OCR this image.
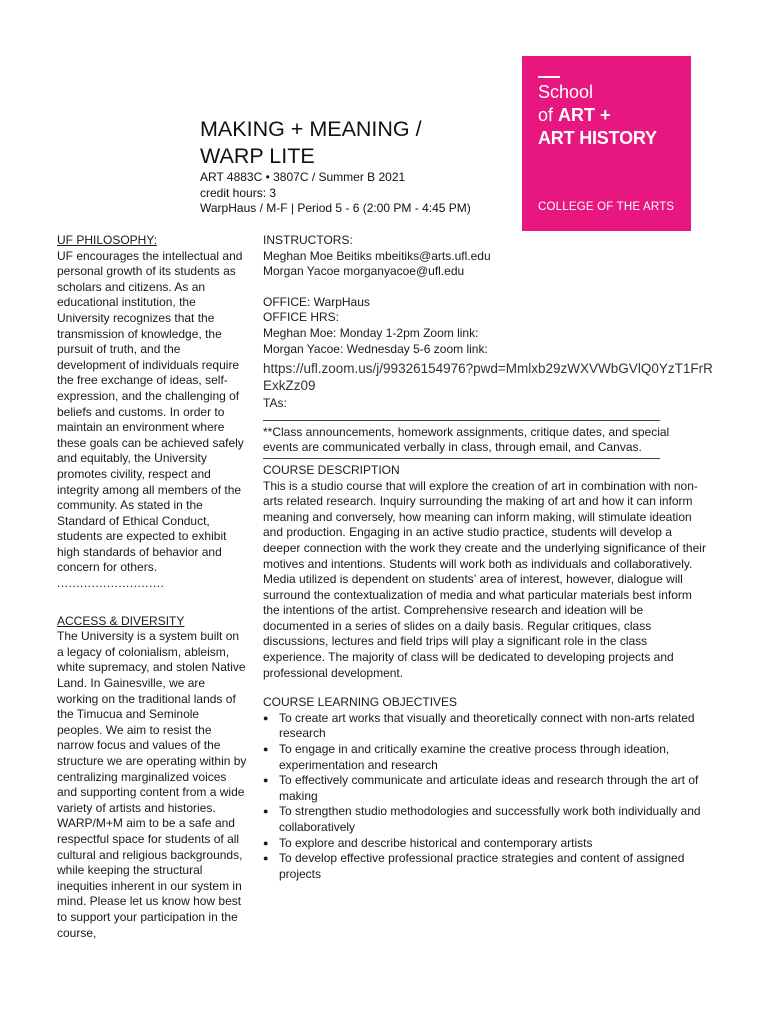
School
of ART +
ART HISTORY
COLLEGE OF THE ARTS
MAKING + MEANING /
WARP LITE
ART 4883C • 3807C / Summer B 2021
credit hours: 3
WarpHaus / M-F | Period 5 - 6 (2:00 PM - 4:45 PM)
UF PHILOSOPHY:

UF encourages the intellectual and personal growth of its students as scholars and citizens. As an educational institution, the University recognizes that the transmission of knowledge, the pursuit of truth, and the development of individuals require the free exchange of ideas, self-expression, and the challenging of beliefs and customs. In order to maintain an environment where these goals can be achieved safely and equitably, the University promotes civility, respect and integrity among all members of the community. As stated in the Standard of Ethical Conduct, students are expected to exhibit high standards of behavior and concern for others.

............................
ACCESS & DIVERSITY

The University is a system built on a legacy of colonialism, ableism, white supremacy, and stolen Native Land. In Gainesville, we are working on the traditional lands of the Timucua and Seminole peoples. We aim to resist the narrow focus and values of the structure we are operating within by centralizing marginalized voices and supporting content from a wide variety of artists and histories. WARP/M+M aim to be a safe and respectful space for students of all cultural and religious backgrounds, while keeping the structural inequities inherent in our system in mind. Please let us know how best to support your participation in the course,

INSTRUCTORS:
Meghan Moe Beitiks mbeitiks@arts.ufl.edu
Morgan Yacoe morganyacoe@ufl.edu
OFFICE: WarpHaus
OFFICE HRS:
Meghan Moe: Monday 1-2pm Zoom link:
Morgan Yacoe: Wednesday 5-6 zoom link:
https://ufl.zoom.us/j/99326154976?pwd=Mmlxb29zWXVWbGVlQ0YzT1FrRExkZz09
TAs:

**Class announcements, homework assignments, critique dates, and special events are communicated verbally in class, through email, and Canvas.

COURSE DESCRIPTION

This is a studio course that will explore the creation of art in combination with non-arts related research. Inquiry surrounding the making of art and how it can inform meaning and conversely, how meaning can inform making, will stimulate ideation and production. Engaging in an active studio practice, students will develop a deeper connection with the work they create and the underlying significance of their motives and intentions. Students will work both as individuals and collaboratively. Media utilized is dependent on students’ area of interest, however, dialogue will surround the contextualization of media and what particular materials best inform the intentions of the artist. Comprehensive research and ideation will be documented in a series of slides on a daily basis. Regular critiques, class discussions, lectures and field trips will play a significant role in the class experience. The majority of class will be dedicated to developing projects and professional development.

COURSE LEARNING OBJECTIVES
● To create art works that visually and theoretically connect with non-arts related research
● To engage in and critically examine the creative process through ideation, experimentation and research
● To effectively communicate and articulate ideas and research through the art of making
● To strengthen studio methodologies and successfully work both individually and collaboratively
● To explore and describe historical and contemporary artists
● To develop effective professional practice strategies and content of assigned projects
